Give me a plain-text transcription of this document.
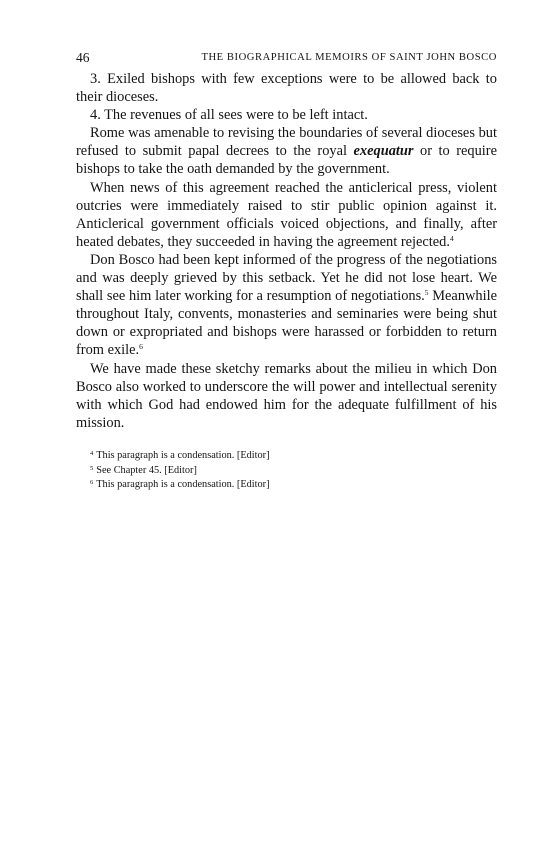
46	THE BIOGRAPHICAL MEMOIRS OF SAINT JOHN BOSCO

3. Exiled bishops with few exceptions were to be allowed back to their dioceses.

4. The revenues of all sees were to be left intact.

Rome was amenable to revising the boundaries of several dioceses but refused to submit papal decrees to the royal exequatur or to require bishops to take the oath demanded by the government.

When news of this agreement reached the anticlerical press, violent outcries were immediately raised to stir public opinion against it. Anticlerical government officials voiced objections, and finally, after heated debates, they succeeded in having the agreement rejected.$^4$

Don Bosco had been kept informed of the progress of the negotiations and was deeply grieved by this setback. Yet he did not lose heart. We shall see him later working for a resumption of negotiations.$^5$ Meanwhile throughout Italy, convents, monasteries and seminaries were being shut down or expropriated and bishops were harassed or forbidden to return from exile.$^6$

We have made these sketchy remarks about the milieu in which Don Bosco also worked to underscore the will power and intellectual serenity with which God had endowed him for the adequate fulfillment of his mission.

$^4$ This paragraph is a condensation. [Editor]
$^5$ See Chapter 45. [Editor]
$^6$ This paragraph is a condensation. [Editor]
